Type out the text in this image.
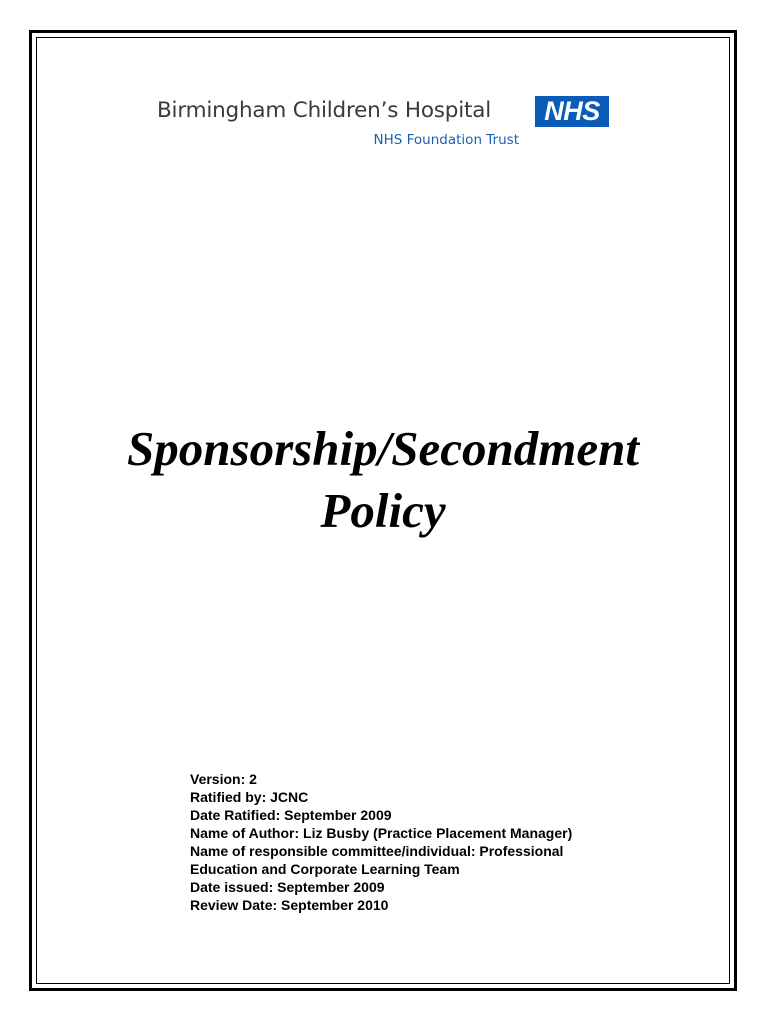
Birmingham Children’s Hospital	NHS
NHS Foundation Trust
Sponsorship/Secondment
Policy
Version: 2
Ratified by: JCNC
Date Ratified: September 2009
Name of Author: Liz Busby (Practice Placement Manager)
Name of responsible committee/individual: Professional
Education and Corporate Learning Team
Date issued: September 2009
Review Date: September 2010
